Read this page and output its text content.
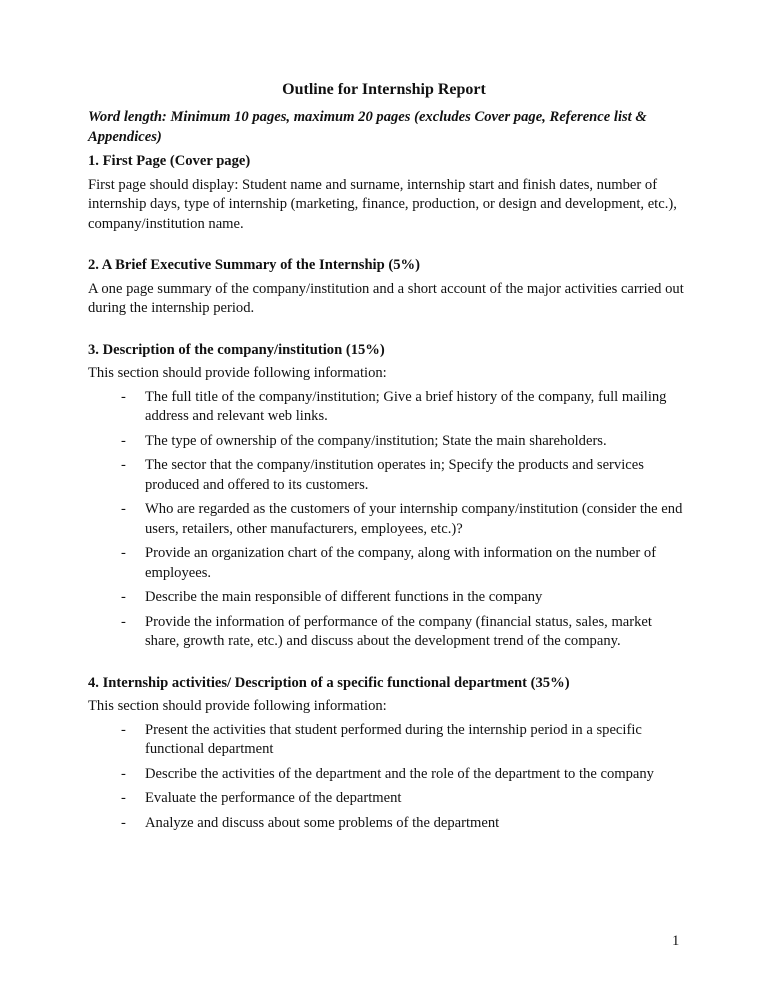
Outline for Internship Report

Word length: Minimum 10 pages, maximum 20 pages (excludes Cover page, Reference list & Appendices)

1. First Page (Cover page)

First page should display: Student name and surname, internship start and finish dates, number of internship days, type of internship (marketing, finance, production, or design and development, etc.), company/institution name.

2. A Brief Executive Summary of the Internship (5%)

A one page summary of the company/institution and a short account of the major activities carried out during the internship period.

3. Description of the company/institution (15%)

This section should provide following information:

- The full title of the company/institution; Give a brief history of the company, full mailing address and relevant web links.
- The type of ownership of the company/institution; State the main shareholders.
- The sector that the company/institution operates in; Specify the products and services produced and offered to its customers.
- Who are regarded as the customers of your internship company/institution (consider the end users, retailers, other manufacturers, employees, etc.)?
- Provide an organization chart of the company, along with information on the number of employees.
- Describe the main responsible of different functions in the company
- Provide the information of performance of the company (financial status, sales, market share, growth rate, etc.) and discuss about the development trend of the company.
4. Internship activities/ Description of a specific functional department (35%)

This section should provide following information:

- Present the activities that student performed during the internship period in a specific functional department
- Describe the activities of the department and the role of the department to the company
- Evaluate the performance of the department
- Analyze and discuss about some problems of the department
1
